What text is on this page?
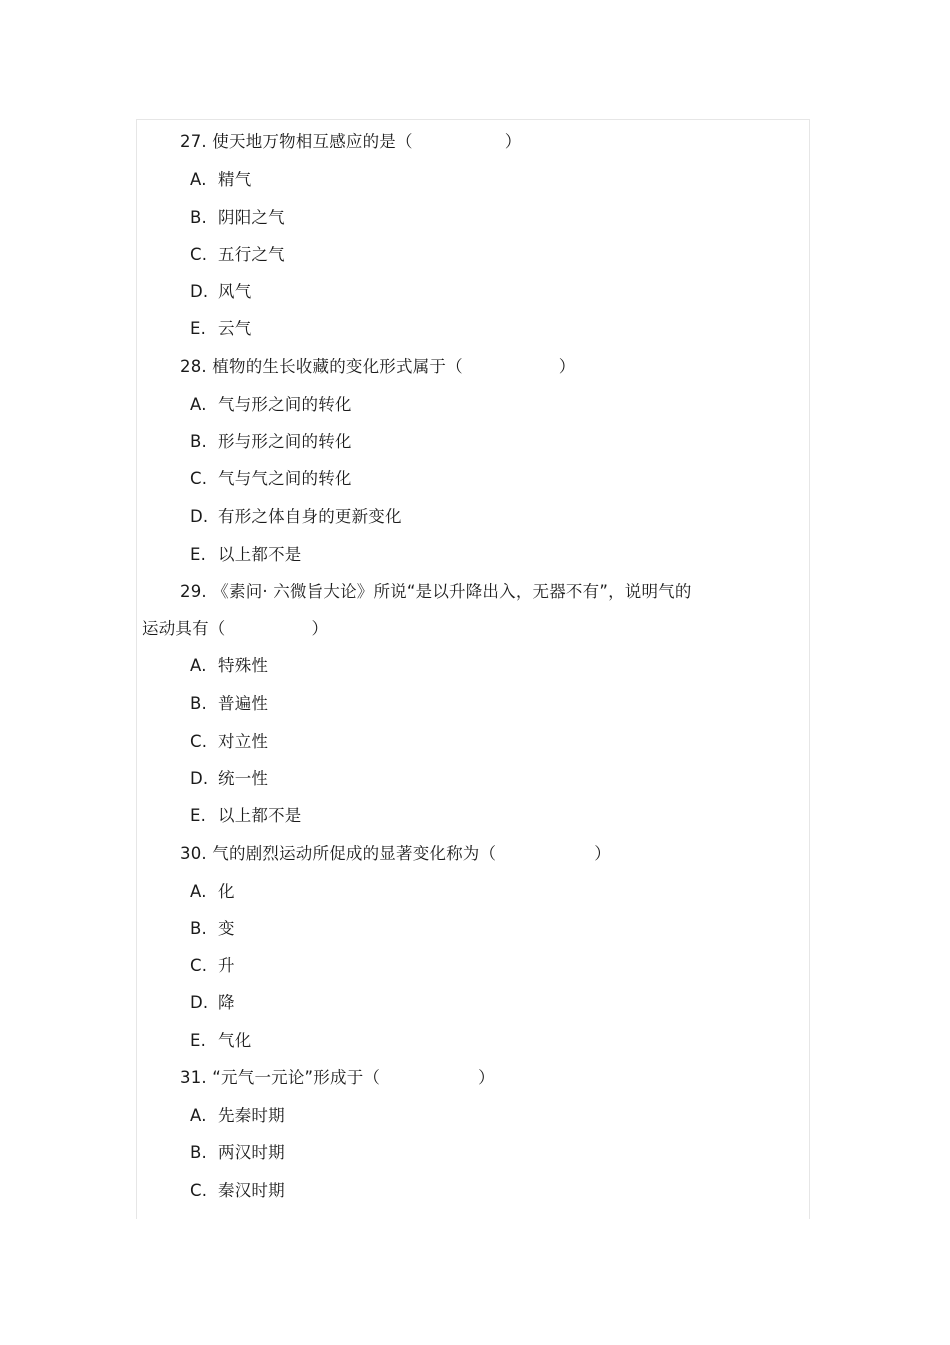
27. 使天地万物相互感应的是（	）
A. 精气
B. 阴阳之气
C. 五行之气
D. 风气
E. 云气
28. 植物的生长收藏的变化形式属于（	）
A. 气与形之间的转化
B. 形与形之间的转化
C. 气与气之间的转化
D. 有形之体自身的更新变化
E. 以上都不是
29. 《素问· 六微旨大论》所说“是以升降出入，无器不有”，说明气的
运动具有（	）
A. 特殊性
B. 普遍性
C. 对立性
D. 统一性
E. 以上都不是
30. 气的剧烈运动所促成的显著变化称为（	）
A. 化
B. 变
C. 升
D. 降
E. 气化
31. “元气一元论”形成于（	）
A. 先秦时期
B. 两汉时期
C. 秦汉时期
